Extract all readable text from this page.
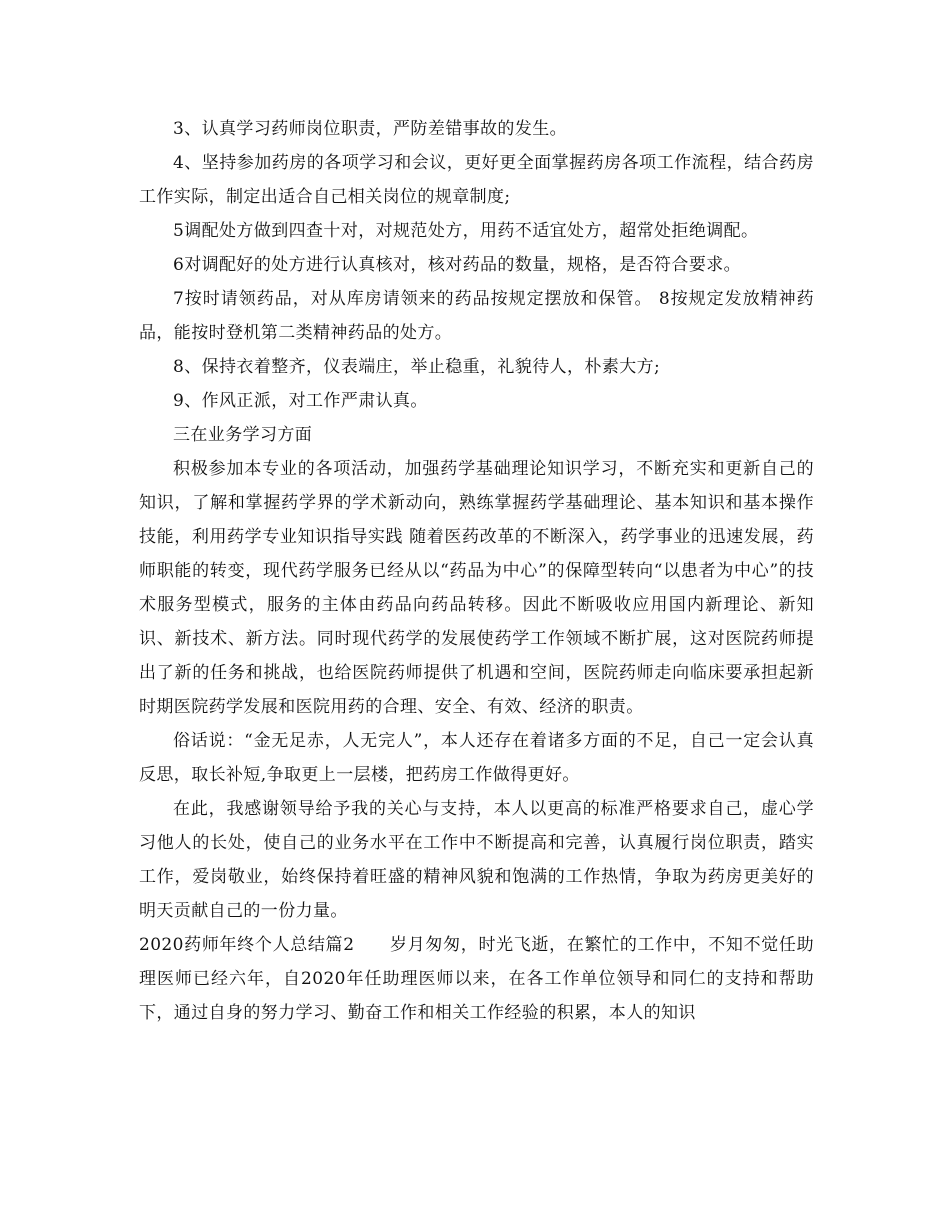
3、认真学习药师岗位职责，严防差错事故的发生。

4、坚持参加药房的各项学习和会议，更好更全面掌握药房各项工作流程，结合药房工作实际，制定出适合自己相关岗位的规章制度;

5调配处方做到四查十对，对规范处方，用药不适宜处方，超常处拒绝调配。

6对调配好的处方进行认真核对，核对药品的数量，规格，是否符合要求。

7按时请领药品，对从库房请领来的药品按规定摆放和保管。 8按规定发放精神药品，能按时登机第二类精神药品的处方。

8、保持衣着整齐，仪表端庄，举止稳重，礼貌待人，朴素大方;

9、作风正派，对工作严肃认真。

三在业务学习方面

积极参加本专业的各项活动，加强药学基础理论知识学习，不断充实和更新自己的知识，了解和掌握药学界的学术新动向，熟练掌握药学基础理论、基本知识和基本操作技能，利用药学专业知识指导实践 随着医药改革的不断深入，药学事业的迅速发展，药师职能的转变，现代药学服务已经从以“药品为中心”的保障型转向“以患者为中心”的技术服务型模式，服务的主体由药品向药品转移。因此不断吸收应用国内新理论、新知识、新技术、新方法。同时现代药学的发展使药学工作领域不断扩展，这对医院药师提出了新的任务和挑战，也给医院药师提供了机遇和空间，医院药师走向临床要承担起新时期医院药学发展和医院用药的合理、安全、有效、经济的职责。

俗话说：“金无足赤，人无完人”，本人还存在着诸多方面的不足，自己一定会认真反思，取长补短,争取更上一层楼，把药房工作做得更好。

在此，我感谢领导给予我的关心与支持，本人以更高的标准严格要求自己，虚心学习他人的长处，使自己的业务水平在工作中不断提高和完善，认真履行岗位职责，踏实工作，爱岗敬业，始终保持着旺盛的精神风貌和饱满的工作热情，争取为药房更美好的明天贡献自己的一份力量。

2020药师年终个人总结篇2　　岁月匆匆，时光飞逝，在繁忙的工作中，不知不觉任助理医师已经六年，自2020年任助理医师以来，在各工作单位领导和同仁的支持和帮助下，通过自身的努力学习、勤奋工作和相关工作经验的积累，本人的知识
